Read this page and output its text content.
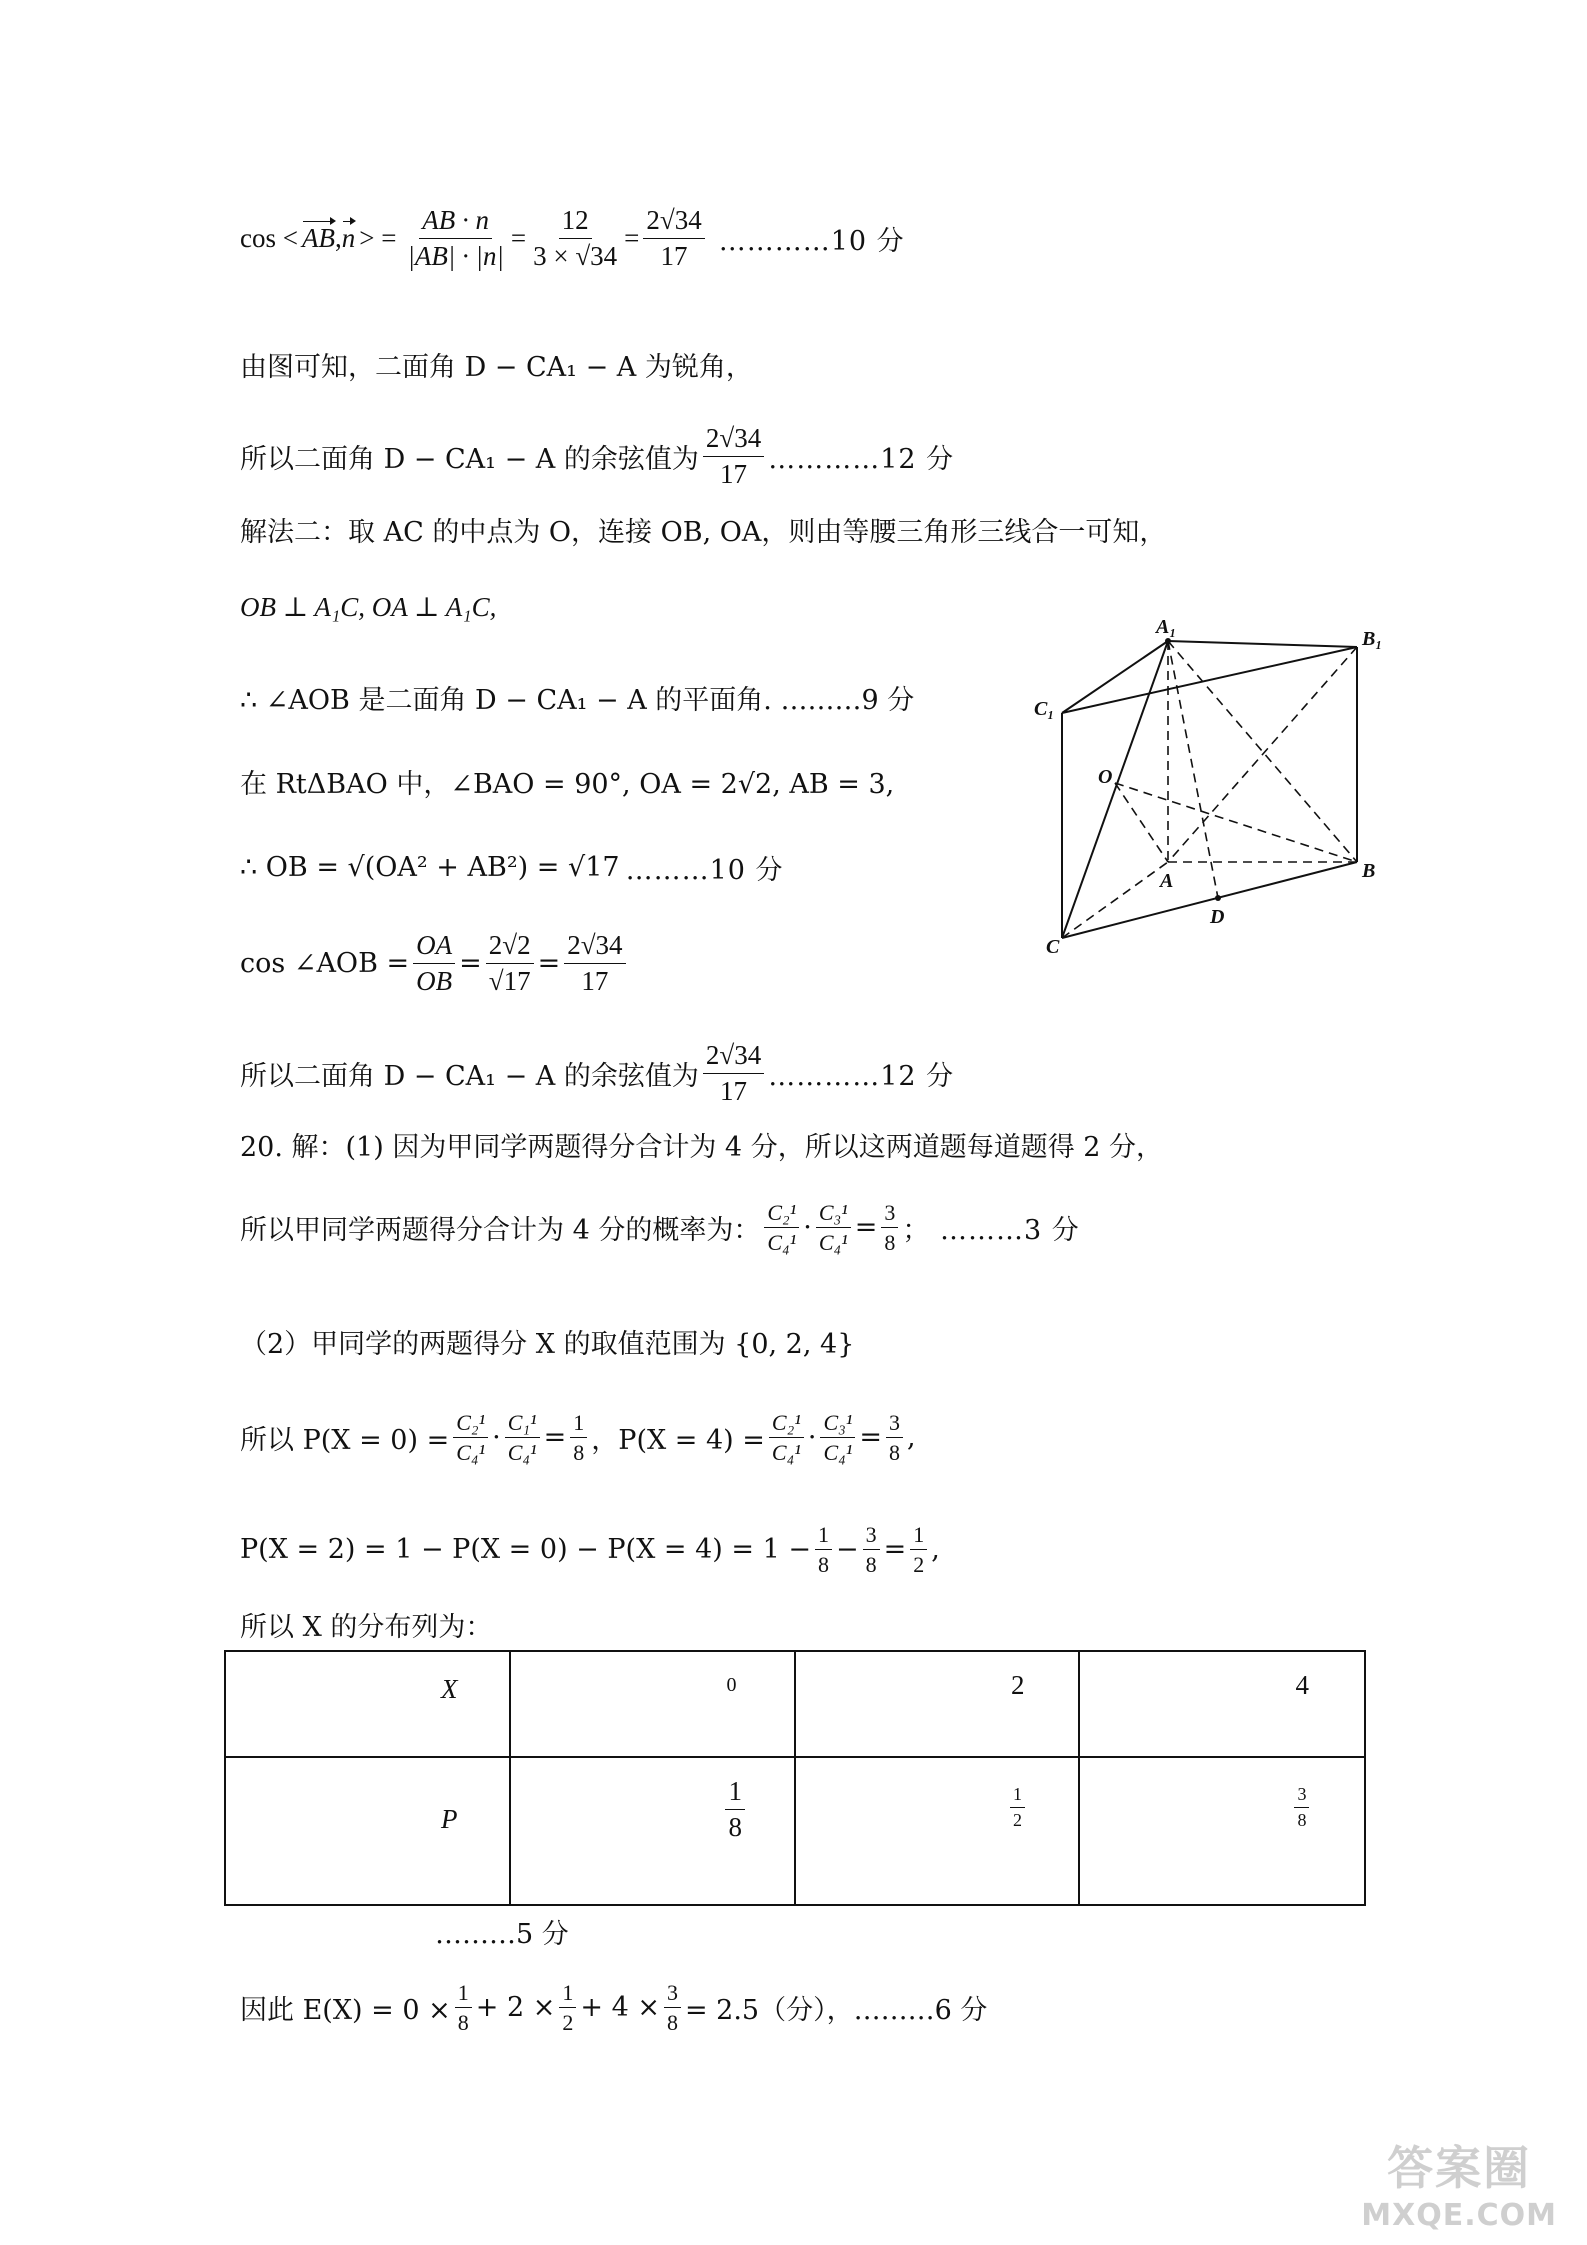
cos < AB , n > = $\frac{AB \cdot n}{|AB| \cdot |n|} = \frac{12}{3 \times √34} = \frac{2√34}{17}$ …………10 分
由图可知，二面角 D − CA₁ − A 为锐角，
所以二面角 D − CA₁ − A 的余弦值为 $\frac{2√34}{17}$ …………12 分
解法二：取 AC 的中点为 O，连接 OB, OA，则由等腰三角形三线合一可知，
OB ⊥ A₁C, OA ⊥ A₁C,
∴ ∠AOB 是二面角 D − CA₁ − A 的平面角. ………9 分
在 RtΔBAO 中，∠BAO = 90°, OA = 2√2, AB = 3,
∴ OB = √(OA² + AB²) = √17 ………10 分
cos ∠AOB = $\frac{OA}{OB} = \frac{2√2}{√17} = \frac{2√34}{17}$
所以二面角 D − CA₁ − A 的余弦值为 $\frac{2√34}{17}$ …………12 分
20. 解：(1) 因为甲同学两题得分合计为 4 分，所以这两道题每道题得 2 分，
所以甲同学两题得分合计为 4 分的概率为： $\frac{\text{C₂¹}}{\text{C₄¹}} \cdot \frac{\text{C₃¹}}{\text{C₄¹}} = \frac{3}{8}$ ； ………3 分
（2）甲同学的两题得分 X 的取值范围为 {0, 2, 4}
所以 $P(X = 0) = \frac{\text{C₂¹}}{\text{C₄¹}} \cdot \frac{\text{C₁¹}}{\text{C₄¹}} = \frac{1}{8}$ ，$P(X = 4) = \frac{\text{C₂¹}}{\text{C₄¹}} \cdot \frac{\text{C₃¹}}{\text{C₄¹}} = \frac{3}{8}$ ,
$P(X = 2) = 1 - P(X = 0) - P(X = 4) = 1 - \frac{1}{8} - \frac{3}{8} = \frac{1}{2}$ ,
所以 X 的分布列为：
X	0	2	4

P	$\frac{1}{8}$	$\frac{1}{2}$	$\frac{3}{8}$
………5 分
因此 $E(X) = 0 \times \frac{1}{8} + 2 \times \frac{1}{2} + 4 \times \frac{3}{8} = 2.5$（分），………6 分
A₁
B₁
C₁
O
A	B
D
C
答案圈
MXQE.COM
